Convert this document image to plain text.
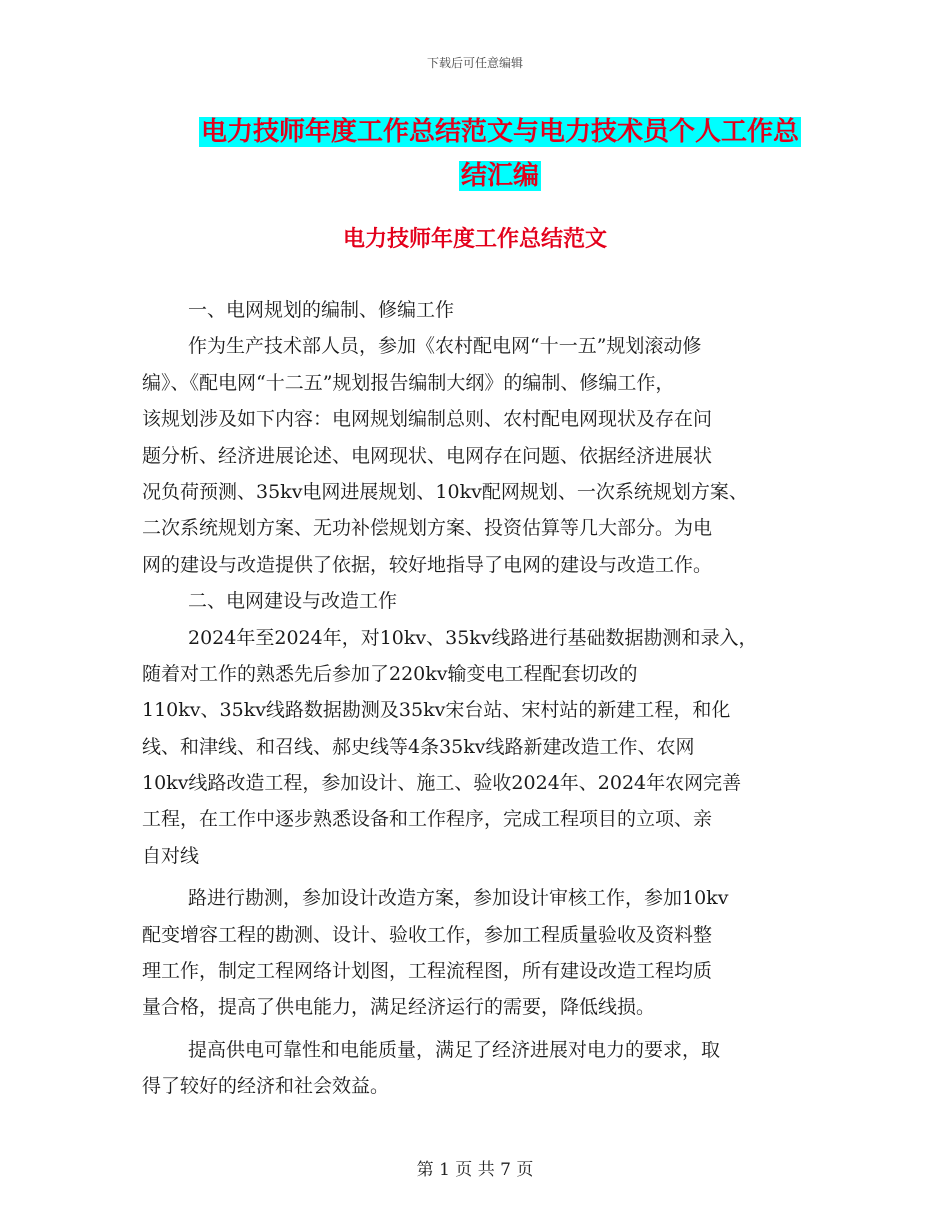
下载后可任意编辑
电力技师年度工作总结范文与电力技术员个人工作总
结汇编
电力技师年度工作总结范文
一、电网规划的编制、修编工作
作为生产技术部人员，参加《农村配电网“十一五”规划滚动修
编》、《配电网“十二五”规划报告编制大纲》的编制、修编工作，
该规划涉及如下内容：电网规划编制总则、农村配电网现状及存在问
题分析、经济进展论述、电网现状、电网存在问题、依据经济进展状
况负荷预测、35kv电网进展规划、10kv配网规划、一次系统规划方案、
二次系统规划方案、无功补偿规划方案、投资估算等几大部分。为电
网的建设与改造提供了依据，较好地指导了电网的建设与改造工作。
二、电网建设与改造工作
2024年至2024年，对10kv、35kv线路进行基础数据勘测和录入，
随着对工作的熟悉先后参加了220kv输变电工程配套切改的
110kv、35kv线路数据勘测及35kv宋台站、宋村站的新建工程，和化
线、和津线、和召线、郝史线等4条35kv线路新建改造工作、农网
10kv线路改造工程，参加设计、施工、验收2024年、2024年农网完善
工程，在工作中逐步熟悉设备和工作程序，完成工程项目的立项、亲
自对线
路进行勘测，参加设计改造方案，参加设计审核工作，参加10kv
配变增容工程的勘测、设计、验收工作，参加工程质量验收及资料整
理工作，制定工程网络计划图，工程流程图，所有建设改造工程均质
量合格，提高了供电能力，满足经济运行的需要，降低线损。
提高供电可靠性和电能质量，满足了经济进展对电力的要求，取
得了较好的经济和社会效益。
第 1 页 共 7 页
